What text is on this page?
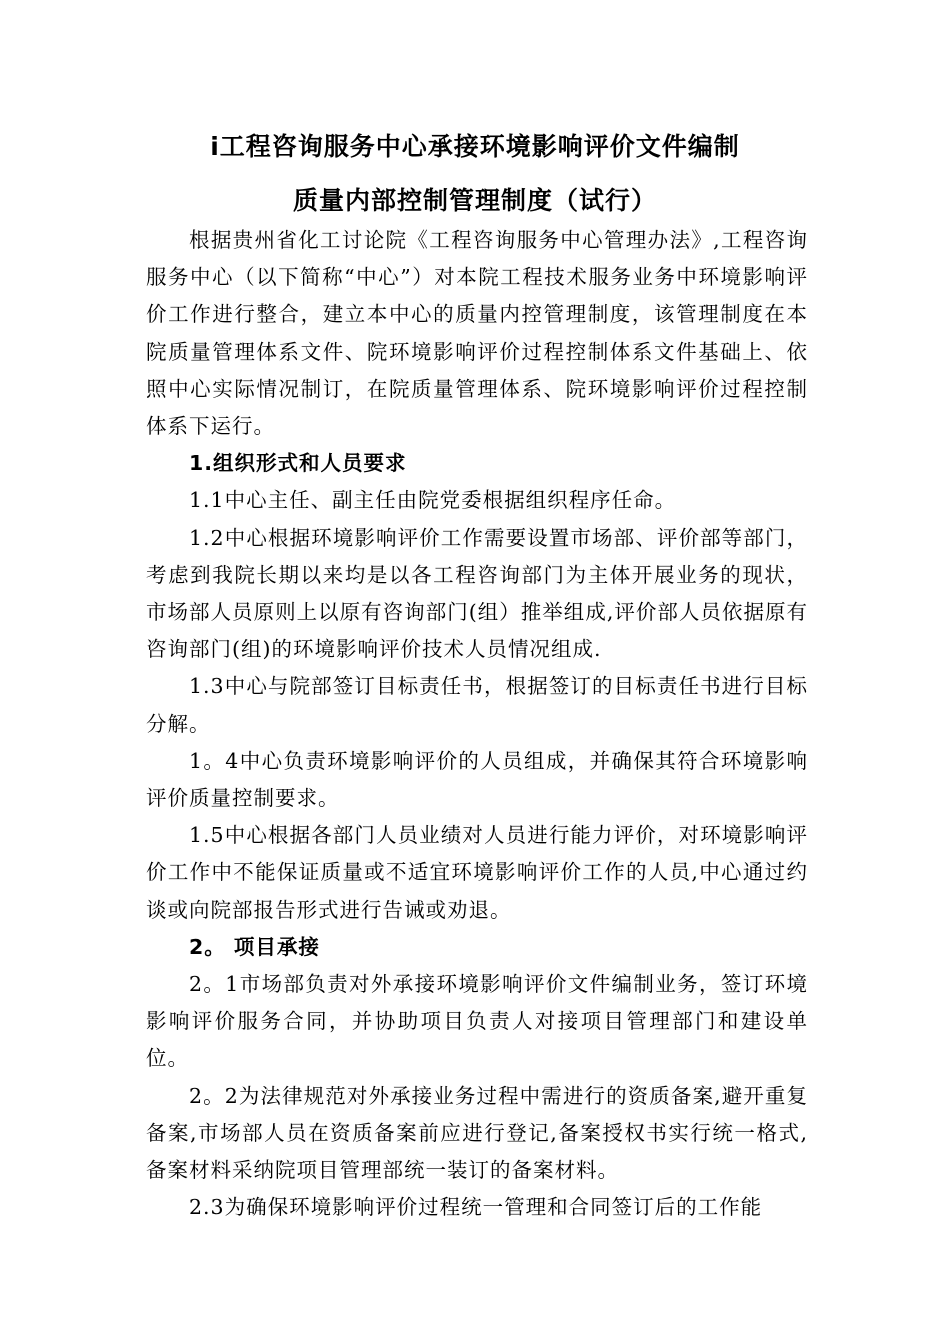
i工程咨询服务中心承接环境影响评价文件编制
质量内部控制管理制度（试行）

根据贵州省化工讨论院《工程咨询服务中心管理办法》,工程咨询服务中心（以下简称“中心”）对本院工程技术服务业务中环境影响评价工作进行整合，建立本中心的质量内控管理制度，该管理制度在本院质量管理体系文件、院环境影响评价过程控制体系文件基础上、依照中心实际情况制订，在院质量管理体系、院环境影响评价过程控制体系下运行。

1.组织形式和人员要求

1.1中心主任、副主任由院党委根据组织程序任命。

1.2中心根据环境影响评价工作需要设置市场部、评价部等部门，考虑到我院长期以来均是以各工程咨询部门为主体开展业务的现状，市场部人员原则上以原有咨询部门(组）推举组成,评价部人员依据原有咨询部门(组)的环境影响评价技术人员情况组成.

1.3中心与院部签订目标责任书，根据签订的目标责任书进行目标分解。

1。4中心负责环境影响评价的人员组成，并确保其符合环境影响评价质量控制要求。

1.5中心根据各部门人员业绩对人员进行能力评价，对环境影响评价工作中不能保证质量或不适宜环境影响评价工作的人员,中心通过约谈或向院部报告形式进行告诫或劝退。

2。 项目承接

2。1市场部负责对外承接环境影响评价文件编制业务，签订环境影响评价服务合同，并协助项目负责人对接项目管理部门和建设单位。

2。2为法律规范对外承接业务过程中需进行的资质备案,避开重复备案,市场部人员在资质备案前应进行登记,备案授权书实行统一格式,备案材料采纳院项目管理部统一装订的备案材料。

2.3为确保环境影响评价过程统一管理和合同签订后的工作能
